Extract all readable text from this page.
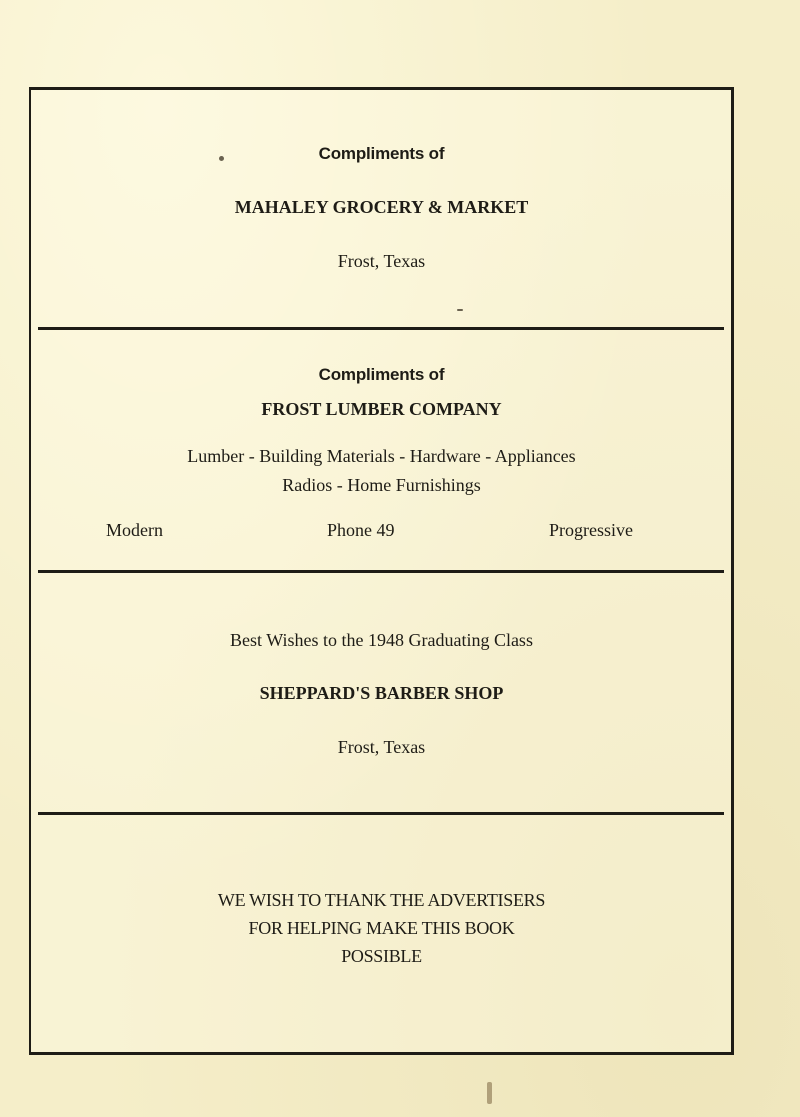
Compliments of
MAHALEY GROCERY & MARKET
Frost, Texas
Compliments of
FROST LUMBER COMPANY
Lumber - Building Materials - Hardware - Appliances
Radios - Home Furnishings
Modern	Phone 49	Progressive
Best Wishes to the 1948 Graduating Class
SHEPPARD'S BARBER SHOP
Frost, Texas
WE WISH TO THANK THE ADVERTISERS
FOR HELPING MAKE THIS BOOK
POSSIBLE
